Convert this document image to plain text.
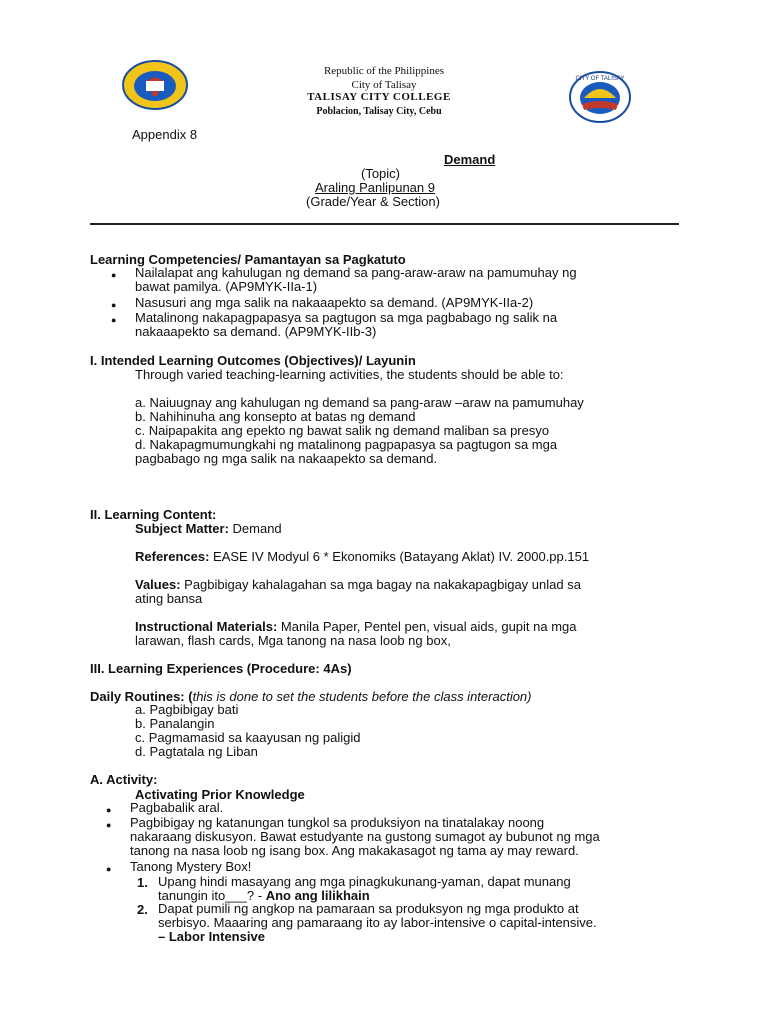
Republic of the Philippines
City of Talisay
TALISAY CITY COLLEGE
Poblacion, Talisay City, Cebu
CITY OF TALISAY
Appendix 8
Demand
(Topic)
Araling Panlipunan 9
(Grade/Year & Section)
Learning Competencies/ Pamantayan sa Pagkatuto
Nailalapat ang kahulugan ng demand sa pang-araw-araw na pamumuhay ng
bawat pamilya. (AP9MYK-IIa-1)
Nasusuri ang mga salik na nakaaapekto sa demand. (AP9MYK-IIa-2)
Matalinong nakapagpapasya sa pagtugon sa mga pagbabago ng salik na
nakaaapekto sa demand. (AP9MYK-IIb-3)
I. Intended Learning Outcomes (Objectives)/ Layunin
Through varied teaching-learning activities, the students should be able to:
a. Naiuugnay ang kahulugan ng demand sa pang-araw –araw na pamumuhay
b. Nahihinuha ang konsepto at batas ng demand
c. Naipapakita ang epekto ng bawat salik ng demand maliban sa presyo
d. Nakapagmumungkahi ng matalinong pagpapasya sa pagtugon sa mga
pagbabago ng mga salik na nakaapekto sa demand.
II. Learning Content:
Subject Matter: Demand
References: EASE IV Modyul 6 * Ekonomiks (Batayang Aklat) IV. 2000.pp.151
Values: Pagbibigay kahalagahan sa mga bagay na nakakapagbigay unlad sa
ating bansa
Instructional Materials: Manila Paper, Pentel pen, visual aids, gupit na mga
larawan, flash cards, Mga tanong na nasa loob ng box,
III. Learning Experiences (Procedure: 4As)
Daily Routines: (this is done to set the students before the class interaction)
a. Pagbibigay bati
b. Panalangin
c. Pagmamasid sa kaayusan ng paligid
d. Pagtatala ng Liban
A. Activity:
Activating Prior Knowledge
Pagbabalik aral.
Pagbibigay ng katanungan tungkol sa produksiyon na tinatalakay noong
nakaraang diskusyon. Bawat estudyante na gustong sumagot ay bubunot ng mga
tanong na nasa loob ng isang box. Ang makakasagot ng tama ay may reward.
Tanong Mystery Box!
1. Upang hindi masayang ang mga pinagkukunang-yaman, dapat munang
tanungin ito___? - Ano ang lilikhain
2. Dapat pumili ng angkop na pamaraan sa produksyon ng mga produkto at
serbisyo. Maaaring ang pamaraang ito ay labor-intensive o capital-intensive.
– Labor Intensive
